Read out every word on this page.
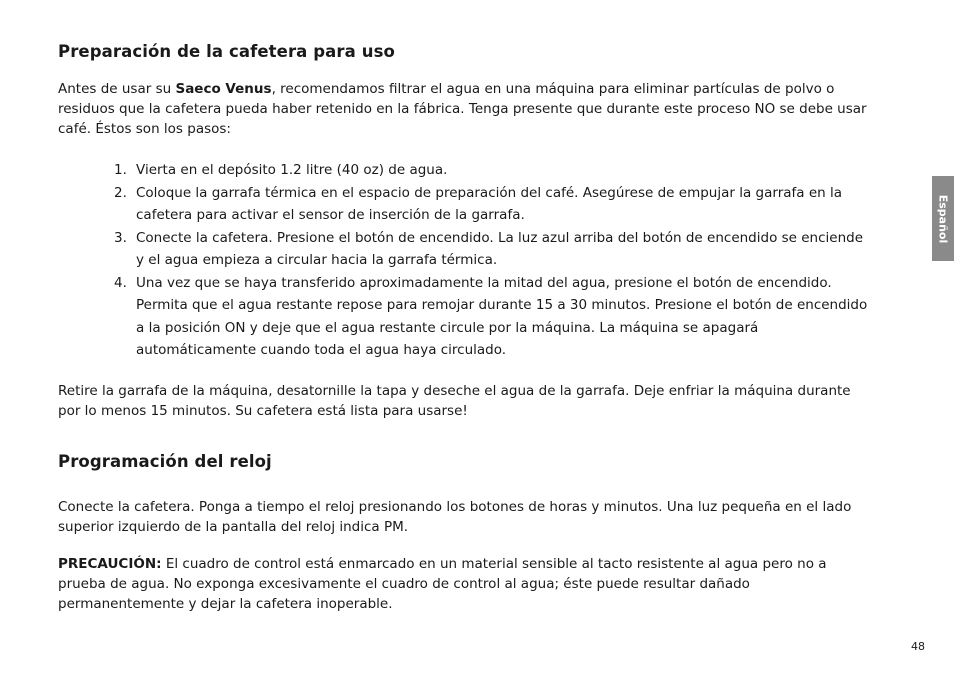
Preparación de la cafetera para uso

Antes de usar su Saeco Venus, recomendamos filtrar el agua en una máquina para eliminar partículas de polvo o residuos que la cafetera pueda haber retenido en la fábrica. Tenga presente que durante este proceso NO se debe usar café. Éstos son los pasos:

1. Vierta en el depósito 1.2 litre (40 oz) de agua.
2. Coloque la garrafa térmica en el espacio de preparación del café. Asegúrese de empujar la garrafa en la cafetera para activar el sensor de inserción de la garrafa.
3. Conecte la cafetera. Presione el botón de encendido. La luz azul arriba del botón de encendido se enciende y el agua empieza a circular hacia la garrafa térmica.
4. Una vez que se haya transferido aproximadamente la mitad del agua, presione el botón de encendido. Permita que el agua restante repose para remojar durante 15 a 30 minutos. Presione el botón de encendido a la posición ON y deje que el agua restante circule por la máquina. La máquina se apagará automáticamente cuando toda el agua haya circulado.

Retire la garrafa de la máquina, desatornille la tapa y deseche el agua de la garrafa. Deje enfriar la máquina durante por lo menos 15 minutos. Su cafetera está lista para usarse!

Programación del reloj

Conecte la cafetera. Ponga a tiempo el reloj presionando los botones de horas y minutos. Una luz pequeña en el lado superior izquierdo de la pantalla del reloj indica PM.

PRECAUCIÓN: El cuadro de control está enmarcado en un material sensible al tacto resistente al agua pero no a prueba de agua. No exponga excesivamente el cuadro de control al agua; éste puede resultar dañado permanentemente y dejar la cafetera inoperable.

Español
48
